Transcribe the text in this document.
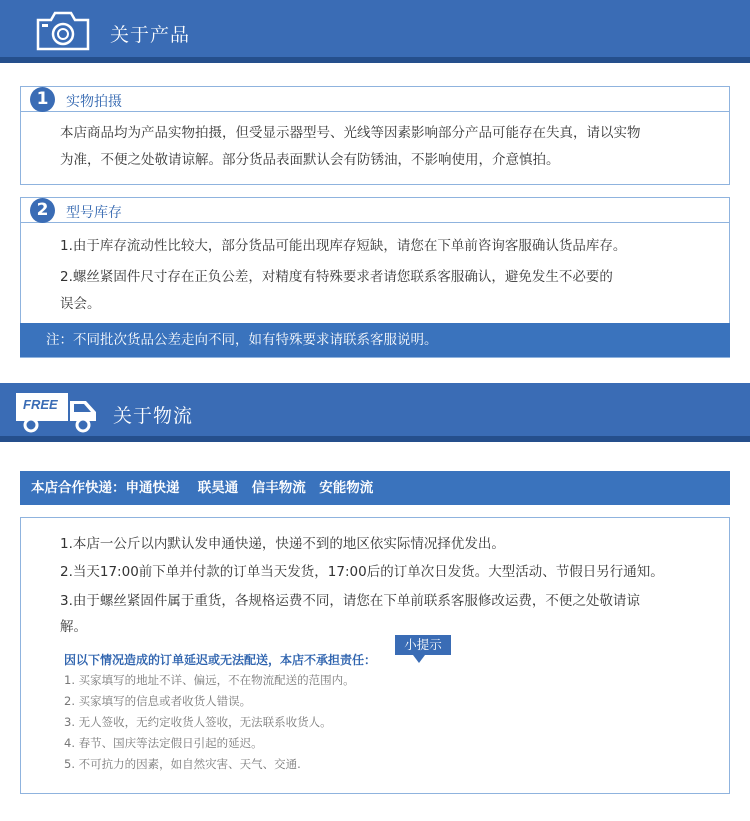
关于产品
1	实物拍摄
本店商品均为产品实物拍摄，但受显示器型号、光线等因素影响部分产品可能存在失真，请以实物
为准，不便之处敬请谅解。部分货品表面默认会有防锈油，不影响使用，介意慎拍。
2	型号库存
1.由于库存流动性比较大，部分货品可能出现库存短缺，请您在下单前咨询客服确认货品库存。
2.螺丝紧固件尺寸存在正负公差，对精度有特殊要求者请您联系客服确认，避免发生不必要的
误会。
注：不同批次货品公差走向不同，如有特殊要求请联系客服说明。
FREE
关于物流
本店合作快递：申通快递　 联昊通　信丰物流　安能物流
1.本店一公斤以内默认发申通快递，快递不到的地区依实际情况择优发出。
2.当天17:00前下单并付款的订单当天发货，17:00后的订单次日发货。大型活动、节假日另行通知。
3.由于螺丝紧固件属于重货，各规格运费不同，请您在下单前联系客服修改运费，不便之处敬请谅
解。
小提示
因以下情况造成的订单延迟或无法配送，本店不承担责任：
1. 买家填写的地址不详、偏远，不在物流配送的范围内。
2. 买家填写的信息或者收货人错误。
3. 无人签收，无约定收货人签收，无法联系收货人。
4. 春节、国庆等法定假日引起的延迟。
5. 不可抗力的因素，如自然灾害、天气、交通.
